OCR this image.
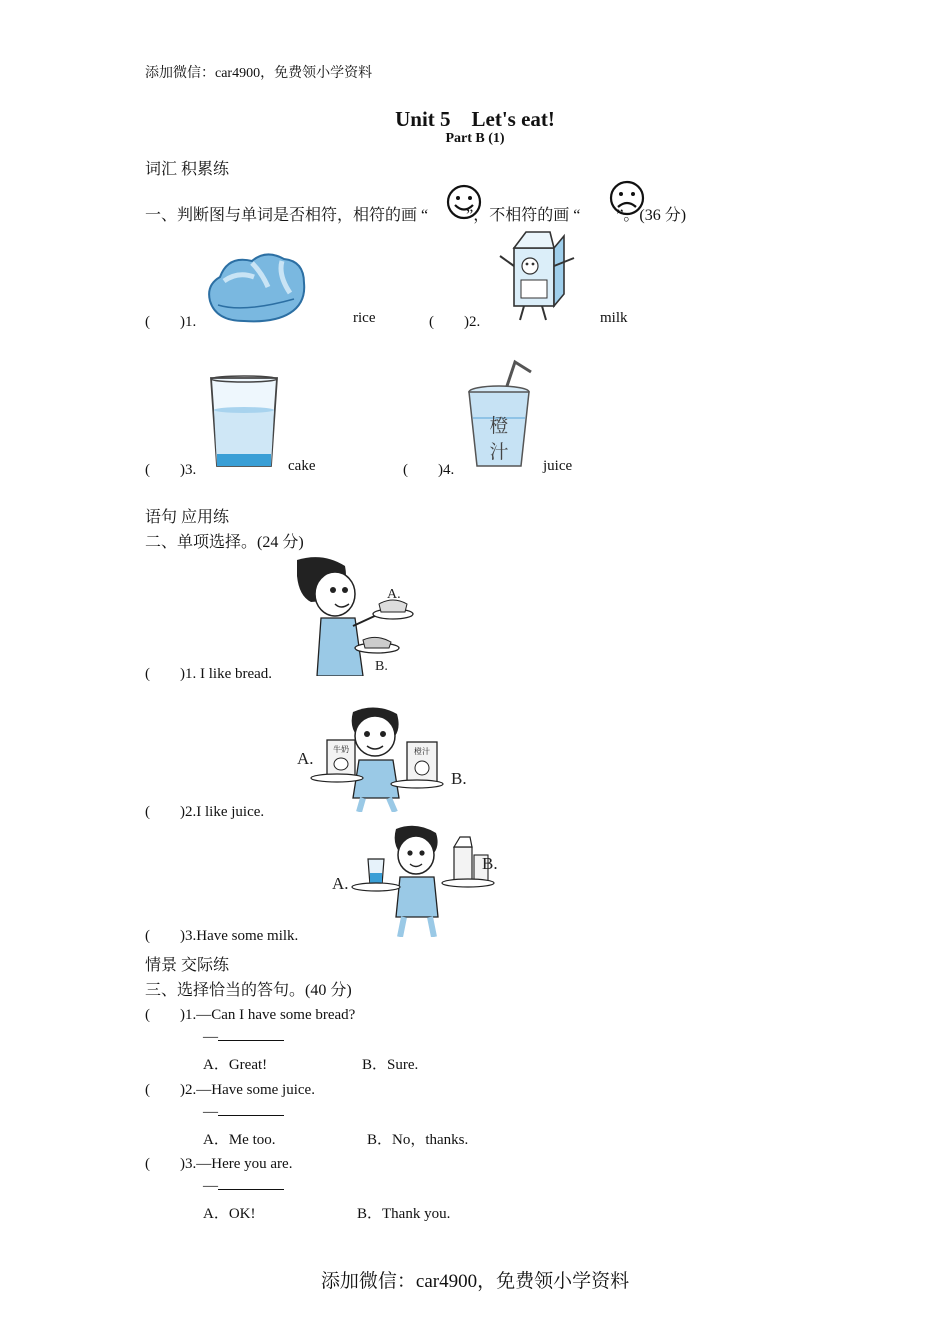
添加微信：car4900，免费领小学资料
Unit 5　Let's eat!
Part B (1)
词汇 积累练
一、判断图与单词是否相符，相符的画 “ ”，不相符的画 “ ”。(36 分)
(　　)1.	rice	(　　)2.	milk
(　　)3.	cake	(　　)4.
橙
汁
juice
语句 应用练
二、单项选择。(24 分)
A.
B.
(　　)1. I like bread.
牛奶	橙汁
A.
B.
(　　)2.I like juice.
A.
B.
(　　)3.Have some milk.
情景 交际练
三、选择恰当的答句。(40 分)
(　　)1.—Can I have some bread?
—
A．Great!	B．Sure.
(　　)2.—Have some juice.
—
A．Me too.	B．No，thanks.
(　　)3.—Here you are.
—
A．OK!	B．Thank you.
添加微信：car4900，免费领小学资料
